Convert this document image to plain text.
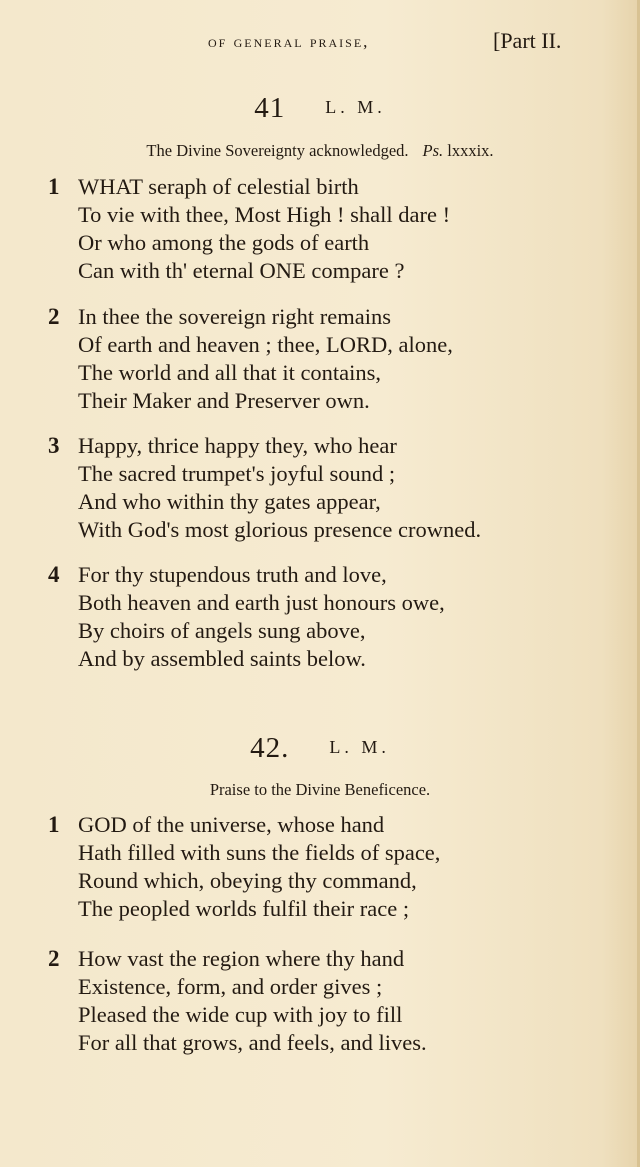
of general praise,	[Part II.
41 L. M.
The Divine Sovereignty acknowledged. Ps. lxxxix.
1 WHAT seraph of celestial birth
To vie with thee, Most High ! shall dare !
Or who among the gods of earth
Can with th' eternal ONE compare ?
2 In thee the sovereign right remains
Of earth and heaven ; thee, LORD, alone,
The world and all that it contains,
Their Maker and Preserver own.
3 Happy, thrice happy they, who hear
The sacred trumpet's joyful sound ;
And who within thy gates appear,
With God's most glorious presence crowned.
4 For thy stupendous truth and love,
Both heaven and earth just honours owe,
By choirs of angels sung above,
And by assembled saints below.
42. L. M.
Praise to the Divine Beneficence.
1 GOD of the universe, whose hand
Hath filled with suns the fields of space,
Round which, obeying thy command,
The peopled worlds fulfil their race ;
2 How vast the region where thy hand
Existence, form, and order gives ;
Pleased the wide cup with joy to fill
For all that grows, and feels, and lives.
